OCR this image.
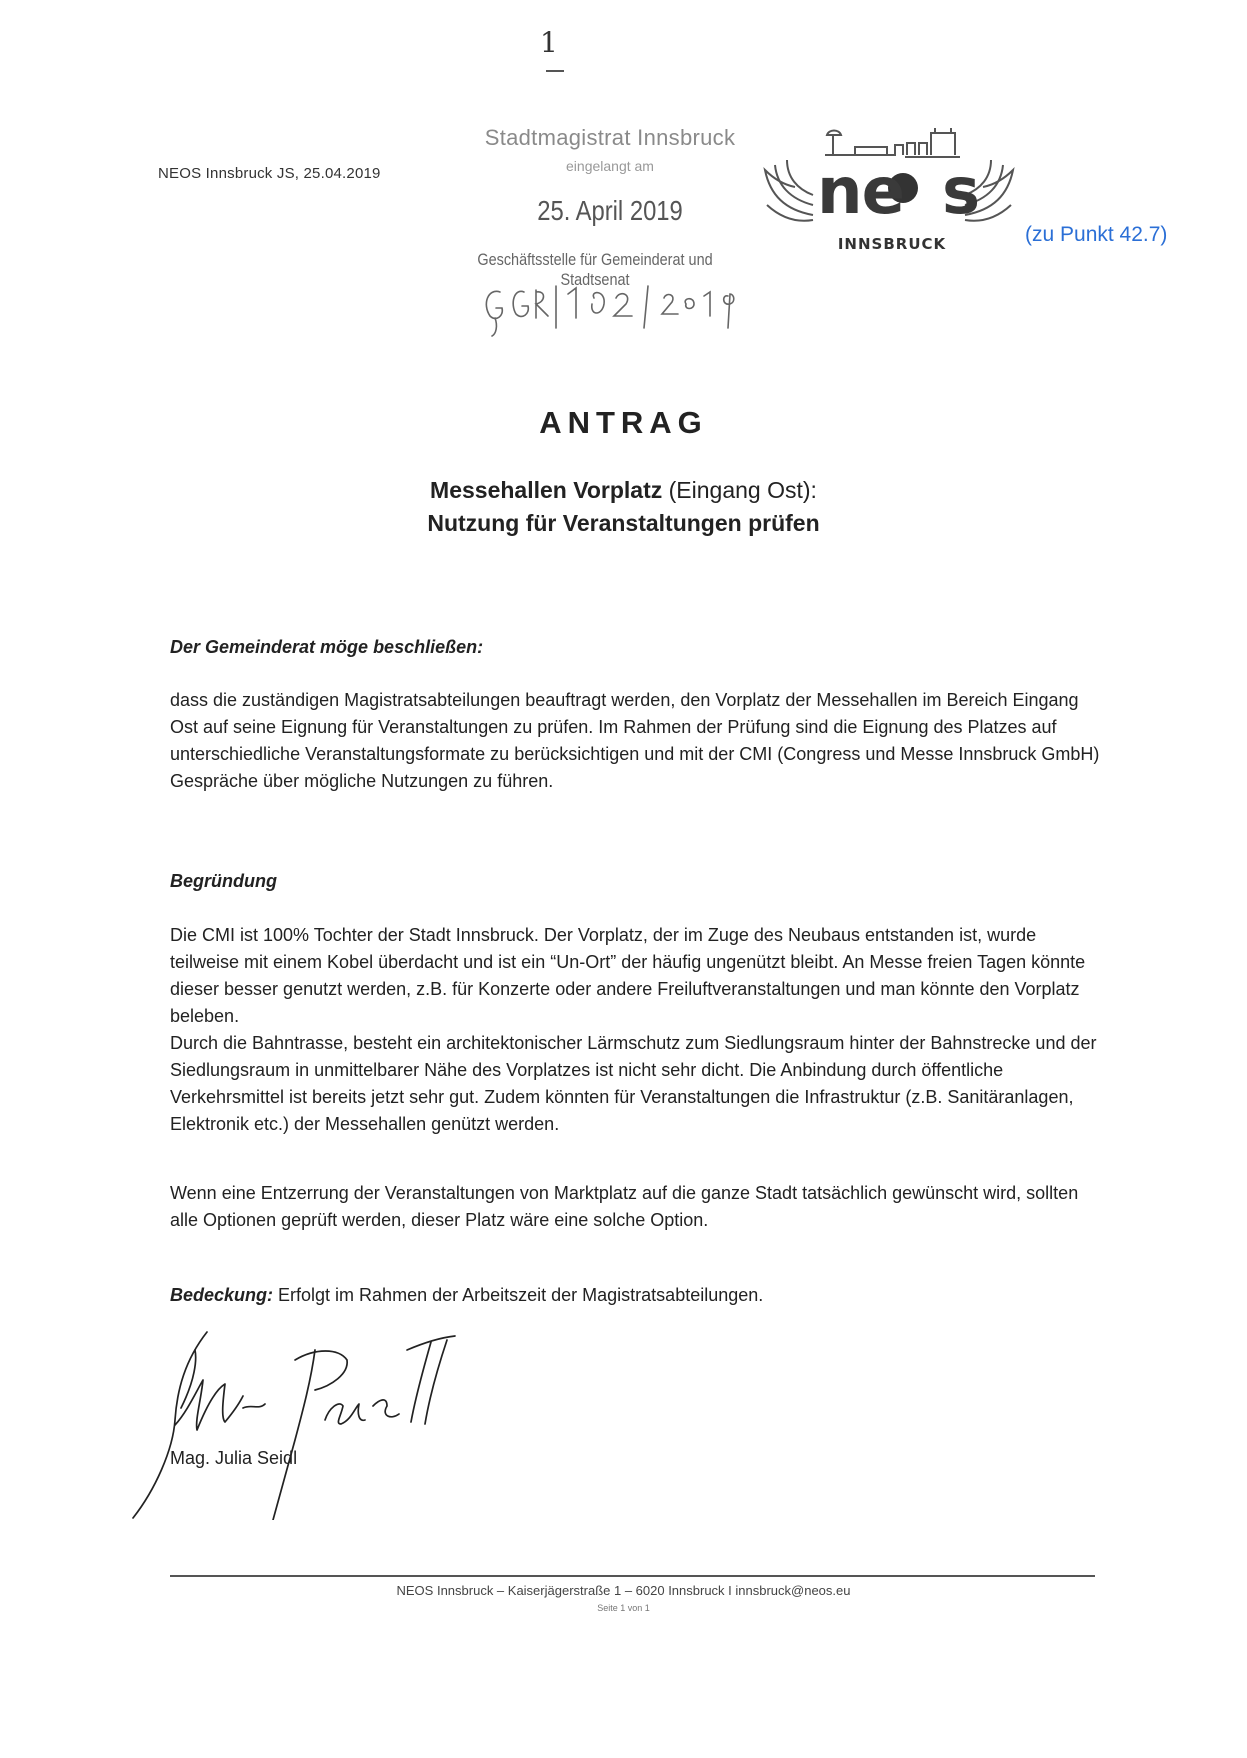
1
NEOS Innsbruck JS, 25.04.2019
Stadtmagistrat Innsbruck
eingelangt am
25. April 2019
Geschäftsstelle für Gemeinderat und Stadtsenat
ne s
INNSBRUCK	(zu Punkt 42.7)
ANTRAG
Messehallen Vorplatz (Eingang Ost):
Nutzung für Veranstaltungen prüfen
Der Gemeinderat möge beschließen:

dass die zuständigen Magistratsabteilungen beauftragt werden, den Vorplatz der Messehallen im Bereich Eingang Ost auf seine Eignung für Veranstaltungen zu prüfen. Im Rahmen der Prüfung sind die Eignung des Platzes auf unterschiedliche Veranstaltungsformate zu berücksichtigen und mit der CMI (Congress und Messe Innsbruck GmbH) Gespräche über mögliche Nutzungen zu führen.

Begründung

Die CMI ist 100% Tochter der Stadt Innsbruck. Der Vorplatz, der im Zuge des Neubaus entstanden ist, wurde teilweise mit einem Kobel überdacht und ist ein “Un-Ort” der häufig ungenützt bleibt. An Messe freien Tagen könnte dieser besser genutzt werden, z.B. für Konzerte oder andere Freiluftveranstaltungen und man könnte den Vorplatz beleben.

Durch die Bahntrasse, besteht ein architektonischer Lärmschutz zum Siedlungsraum hinter der Bahnstrecke und der Siedlungsraum in unmittelbarer Nähe des Vorplatzes ist nicht sehr dicht. Die Anbindung durch öffentliche Verkehrsmittel ist bereits jetzt sehr gut. Zudem könnten für Veranstaltungen die Infrastruktur (z.B. Sanitäranlagen, Elektronik etc.) der Messehallen genützt werden.

Wenn eine Entzerrung der Veranstaltungen von Marktplatz auf die ganze Stadt tatsächlich gewünscht wird, sollten alle Optionen geprüft werden, dieser Platz wäre eine solche Option.

Bedeckung: Erfolgt im Rahmen der Arbeitszeit der Magistratsabteilungen.
Mag. Julia Seidl
NEOS Innsbruck – Kaiserjägerstraße 1 – 6020 Innsbruck I innsbruck@neos.eu
Seite 1 von 1
